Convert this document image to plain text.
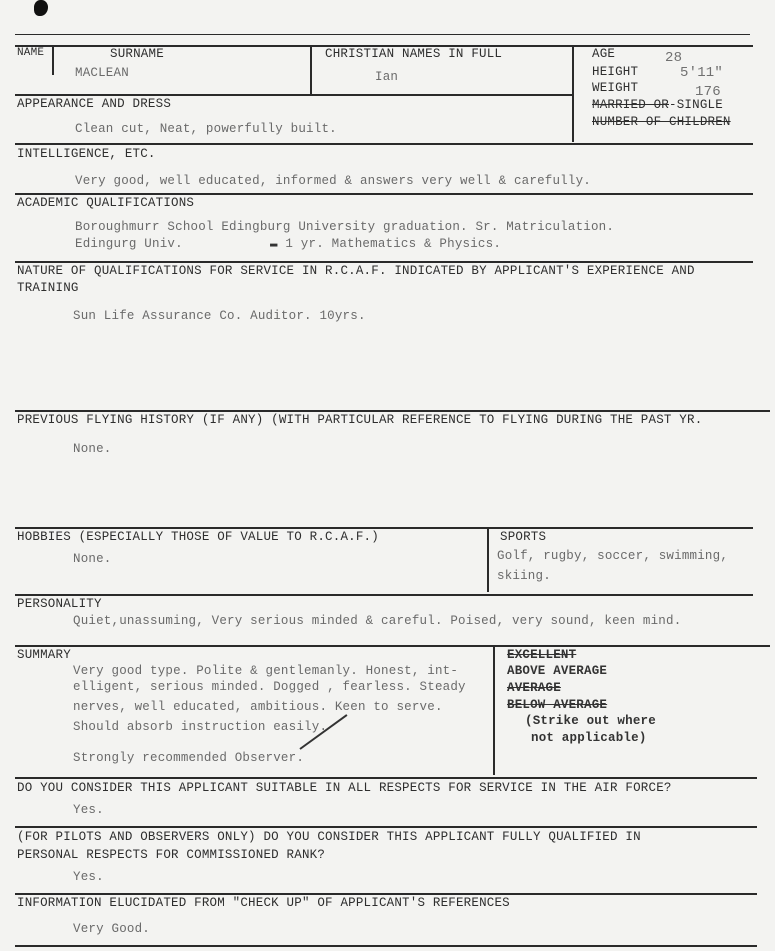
NAME	SURNAME
MACLEAN
CHRISTIAN NAMES IN FULL
Ian
AGE	28
HEIGHT	5'11"
WEIGHT	176
MARRIED OR-SINGLE
NUMBER OF CHILDREN
APPEARANCE AND DRESS
Clean cut, Neat, powerfully built.
INTELLIGENCE, ETC.
Very good, well educated, informed & answers very well & carefully.
ACADEMIC QUALIFICATIONS
Boroughmurr School Edingburg University graduation. Sr. Matriculation.
Edingurg Univ.	▬ 1 yr. Mathematics & Physics.
NATURE OF QUALIFICATIONS FOR SERVICE IN R.C.A.F. INDICATED BY APPLICANT'S EXPERIENCE AND
TRAINING
Sun Life Assurance Co. Auditor. 10yrs.
PREVIOUS FLYING HISTORY (IF ANY) (WITH PARTICULAR REFERENCE TO FLYING DURING THE PAST YR.
None.
HOBBIES (ESPECIALLY THOSE OF VALUE TO R.C.A.F.)
None.
SPORTS
Golf, rugby, soccer, swimming,
skiing.
PERSONALITY
Quiet,unassuming, Very serious minded & careful. Poised, very sound, keen mind.
SUMMARY
Very good type. Polite & gentlemanly. Honest, int-
elligent, serious minded. Dogged , fearless. Steady
nerves, well educated, ambitious. Keen to serve.
Should absorb instruction easily.
Strongly recommended Observer.
EXCELLENT
ABOVE AVERAGE
AVERAGE
BELOW AVERAGE
(Strike out where
not applicable)
DO YOU CONSIDER THIS APPLICANT SUITABLE IN ALL RESPECTS FOR SERVICE IN THE AIR FORCE?
Yes.
(FOR PILOTS AND OBSERVERS ONLY) DO YOU CONSIDER THIS APPLICANT FULLY QUALIFIED IN
PERSONAL RESPECTS FOR COMMISSIONED RANK?
Yes.
INFORMATION ELUCIDATED FROM "CHECK UP" OF APPLICANT'S REFERENCES
Very Good.
